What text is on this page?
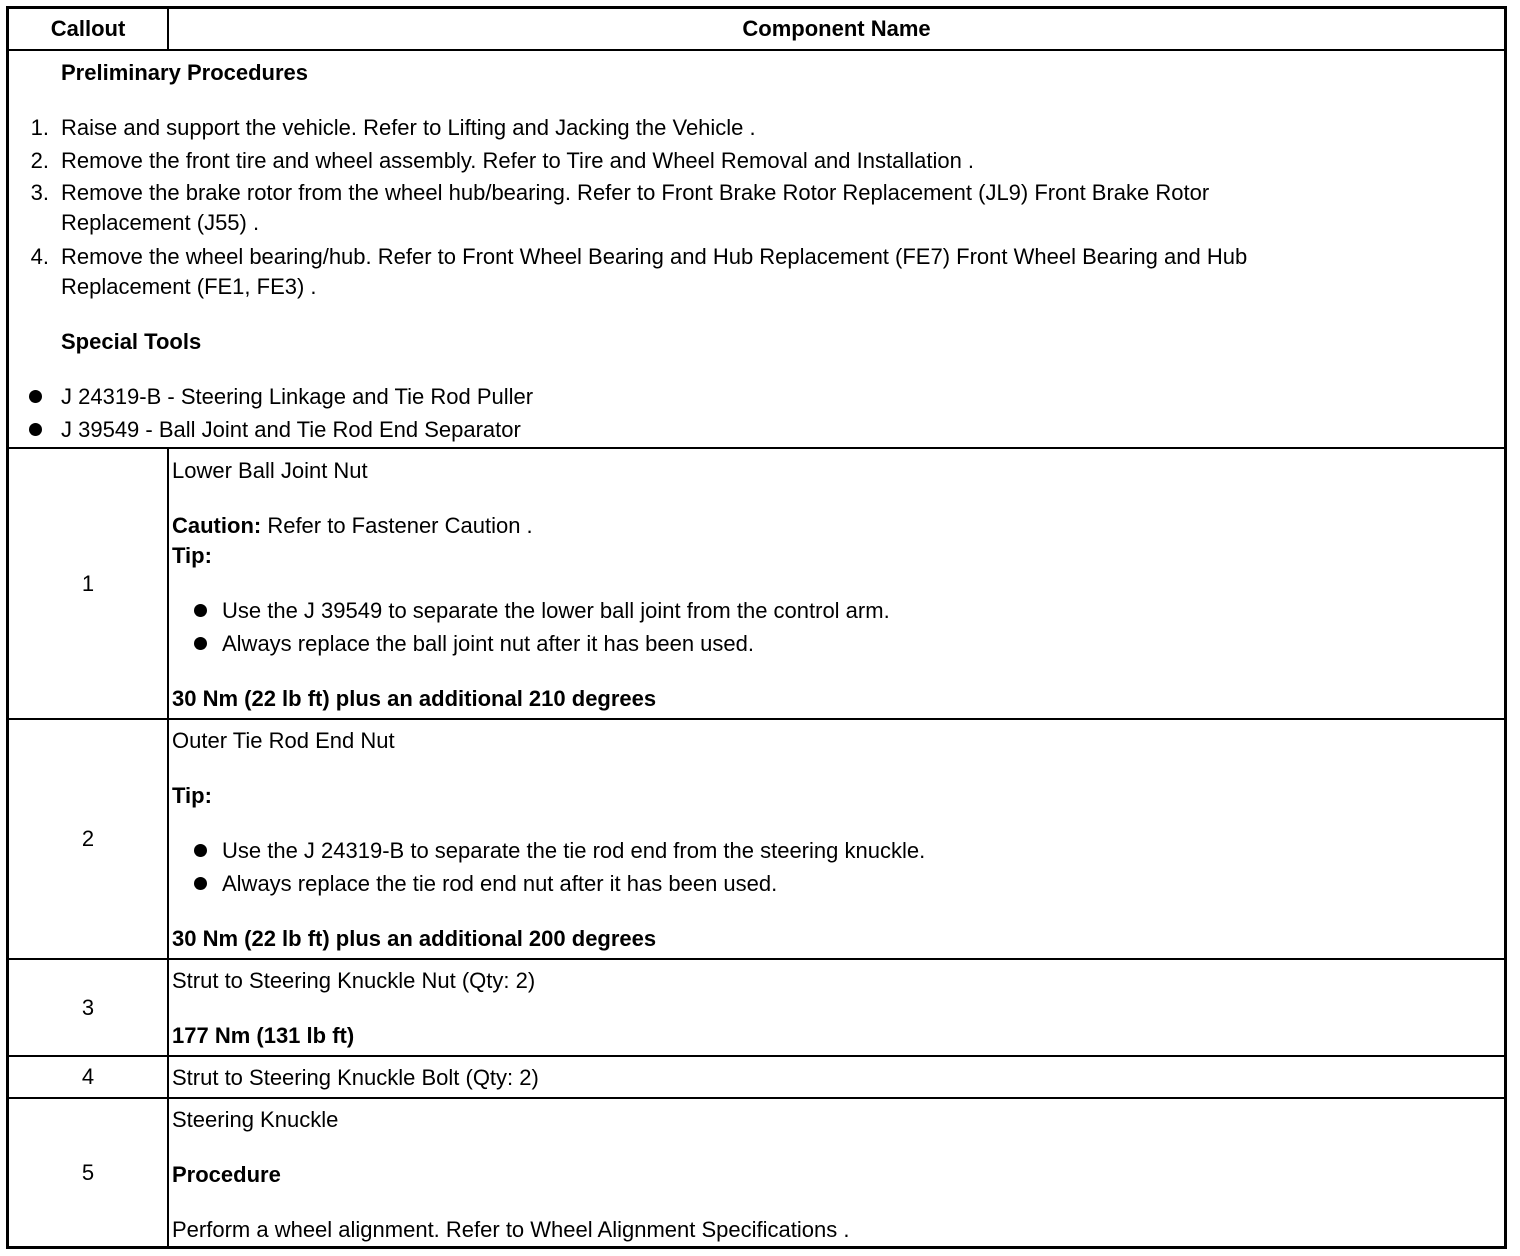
Callout	Component Name
Preliminary Procedures
1. Raise and support the vehicle. Refer to Lifting and Jacking the Vehicle .
2. Remove the front tire and wheel assembly. Refer to Tire and Wheel Removal and Installation .
3. Remove the brake rotor from the wheel hub/bearing. Refer to Front Brake Rotor Replacement (JL9) Front Brake Rotor
Replacement (J55) .
4. Remove the wheel bearing/hub. Refer to Front Wheel Bearing and Hub Replacement (FE7) Front Wheel Bearing and Hub
Replacement (FE1, FE3) .
Special Tools
J 24319-B - Steering Linkage and Tie Rod Puller
J 39549 - Ball Joint and Tie Rod End Separator
1
Lower Ball Joint Nut
Caution: Refer to Fastener Caution .
Tip:
Use the J 39549 to separate the lower ball joint from the control arm.
Always replace the ball joint nut after it has been used.
30 Nm (22 lb ft) plus an additional 210 degrees
2
Outer Tie Rod End Nut
Tip:
Use the J 24319-B to separate the tie rod end from the steering knuckle.
Always replace the tie rod end nut after it has been used.
30 Nm (22 lb ft) plus an additional 200 degrees
3
Strut to Steering Knuckle Nut (Qty: 2)
177 Nm (131 lb ft)
4	Strut to Steering Knuckle Bolt (Qty: 2)
5
Steering Knuckle
Procedure
Perform a wheel alignment. Refer to Wheel Alignment Specifications .
